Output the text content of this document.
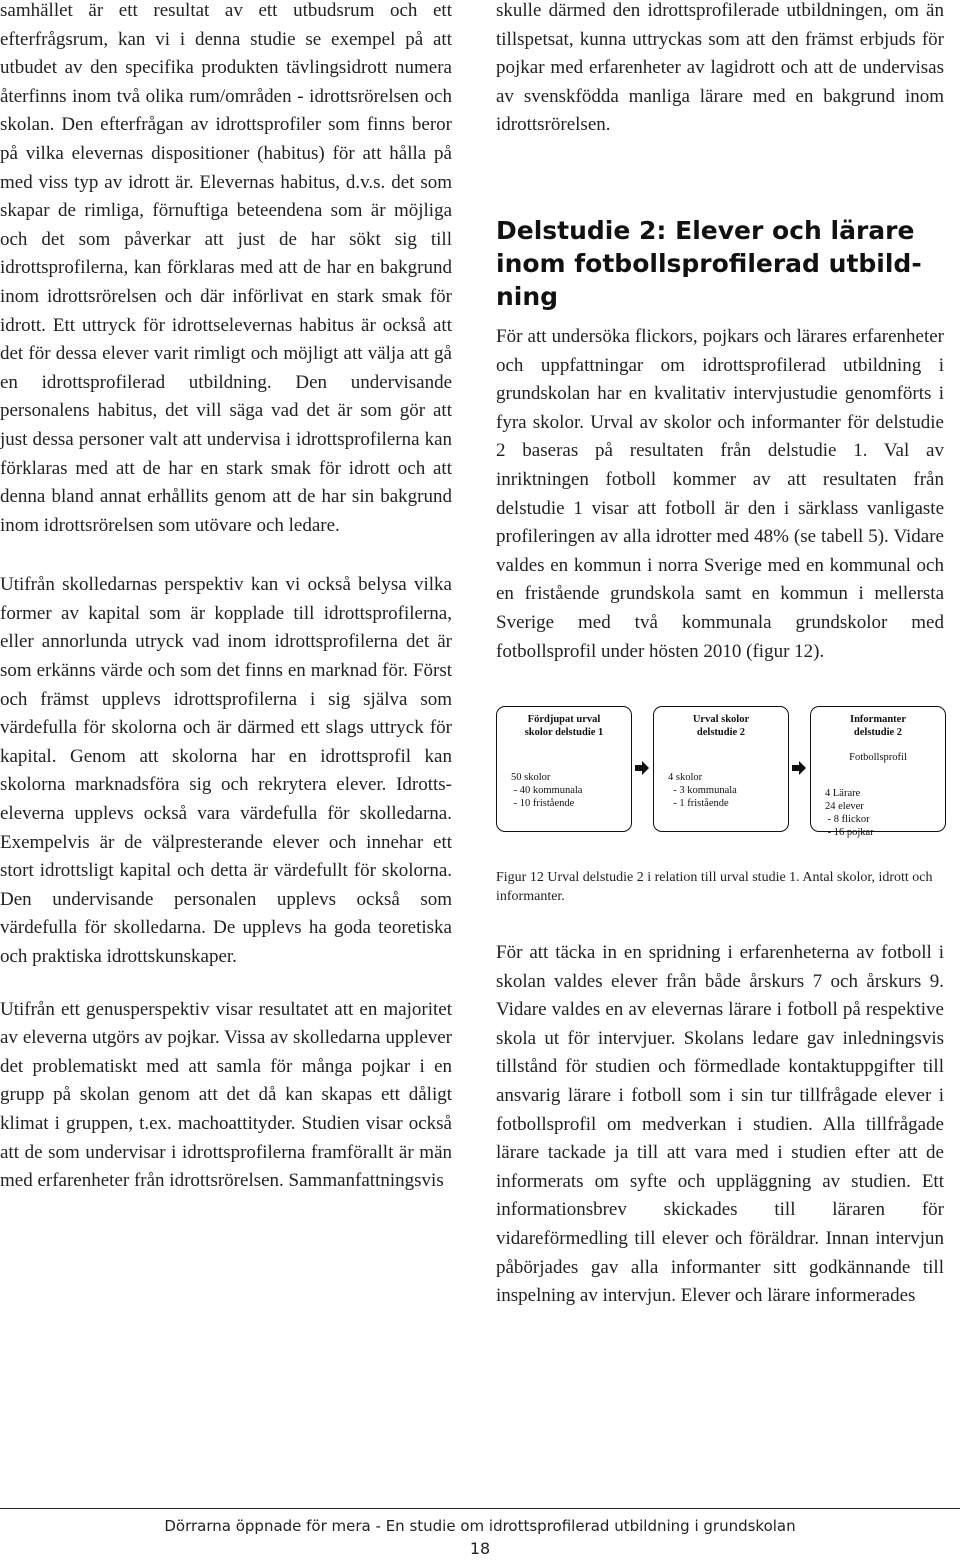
samhället är ett resultat av ett utbudsrum och ett efterfrågsrum, kan vi i denna studie se exempel på att utbudet av den specifika produkten tävlingsidrott numera återfinns inom två olika rum/områden - idrottsrörelsen och skolan. Den efterfrågan av idrottsprofiler som finns beror på vilka elevernas dispositioner (habitus) för att hålla på med viss typ av idrott är. Elevernas habitus, d.v.s. det som skapar de rimliga, förnuftiga beteendena som är möjliga och det som påverkar att just de har sökt sig till idrottsprofilerna, kan förklaras med att de har en bakgrund inom idrottsrörelsen och där införlivat en stark smak för idrott. Ett uttryck för idrottselevernas habitus är också att det för dessa elever varit rimligt och möjligt att välja att gå en idrottsprofilerad utbildning. Den undervisande personalens habitus, det vill säga vad det är som gör att just dessa personer valt att undervisa i idrottsprofilerna kan förklaras med att de har en stark smak för idrott och att denna bland annat erhållits genom att de har sin bakgrund inom idrottsrörelsen som utövare och ledare.

Utifrån skolledarnas perspektiv kan vi också belysa vilka former av kapital som är kopplade till idrottsprofilerna, eller annorlunda utryck vad inom idrottsprofilerna det är som erkänns värde och som det finns en marknad för. Först och främst upplevs idrottsprofilerna i sig själva som värdefulla för skolorna och är därmed ett slags uttryck för kapital. Genom att skolorna har en idrottsprofil kan skolorna marknadsföra sig och rekrytera elever. Idrottseleverna upplevs också vara värdefulla för skolledarna. Exempelvis är de välpresterande elever och innehar ett stort idrottsligt kapital och detta är värdefullt för skolorna. Den undervisande personalen upplevs också som värdefulla för skolledarna. De upplevs ha goda teoretiska och praktiska idrottskunskaper.

Utifrån ett genusperspektiv visar resultatet att en majoritet av eleverna utgörs av pojkar. Vissa av skolledarna upplever det problematiskt med att samla för många pojkar i en grupp på skolan genom att det då kan skapas ett dåligt klimat i gruppen, t.ex. machoattityder. Studien visar också att de som undervisar i idrottsprofilerna framförallt är män med erfarenheter från idrottsrörelsen. Sammanfattningsvis

skulle därmed den idrottsprofilerade utbildningen, om än tillspetsat, kunna uttryckas som att den främst erbjuds för pojkar med erfarenheter av lagidrott och att de undervisas av svenskfödda manliga lärare med en bakgrund inom idrottsrörelsen.

Delstudie 2: Elever och lärare inom fotbollsprofilerad utbildning

För att undersöka flickors, pojkars och lärares erfarenheter och uppfattningar om idrottsprofilerad utbildning i grundskolan har en kvalitativ intervjustudie genomförts i fyra skolor. Urval av skolor och informanter för delstudie 2 baseras på resultaten från delstudie 1. Val av inriktningen fotboll kommer av att resultaten från delstudie 1 visar att fotboll är den i särklass vanligaste profileringen av alla idrotter med 48% (se tabell 5). Vidare valdes en kommun i norra Sverige med en kommunal och en fristående grundskola samt en kommun i mellersta Sverige med två kommunala grundskolor med fotbollsprofil under hösten 2010 (figur 12).

Fördjupat urval
skolor delstudie 1
50 skolor
- 40 kommunala
- 10 fristående
Urval skolor
delstudie 2
4 skolor
- 3 kommunala
- 1 fristående
Informanter
delstudie 2
Fotbollsprofil
4 Lärare
24 elever
- 8 flickor
- 16 pojkar

Figur 12 Urval delstudie 2 i relation till urval studie 1. Antal skolor, idrott och informanter.

För att täcka in en spridning i erfarenheterna av fotboll i skolan valdes elever från både årskurs 7 och årskurs 9. Vidare valdes en av elevernas lärare i fotboll på respektive skola ut för intervjuer. Skolans ledare gav inledningsvis tillstånd för studien och förmedlade kontaktuppgifter till ansvarig lärare i fotboll som i sin tur tillfrågade elever i fotbollsprofil om medverkan i studien. Alla tillfrågade lärare tackade ja till att vara med i studien efter att de informerats om syfte och uppläggning av studien. Ett informationsbrev skickades till läraren för vidareförmedling till elever och föräldrar. Innan intervjun påbörjades gav alla informanter sitt godkännande till inspelning av intervjun. Elever och lärare informerades

Dörrarna öppnade för mera - En studie om idrottsprofilerad utbildning i grundskolan
18
